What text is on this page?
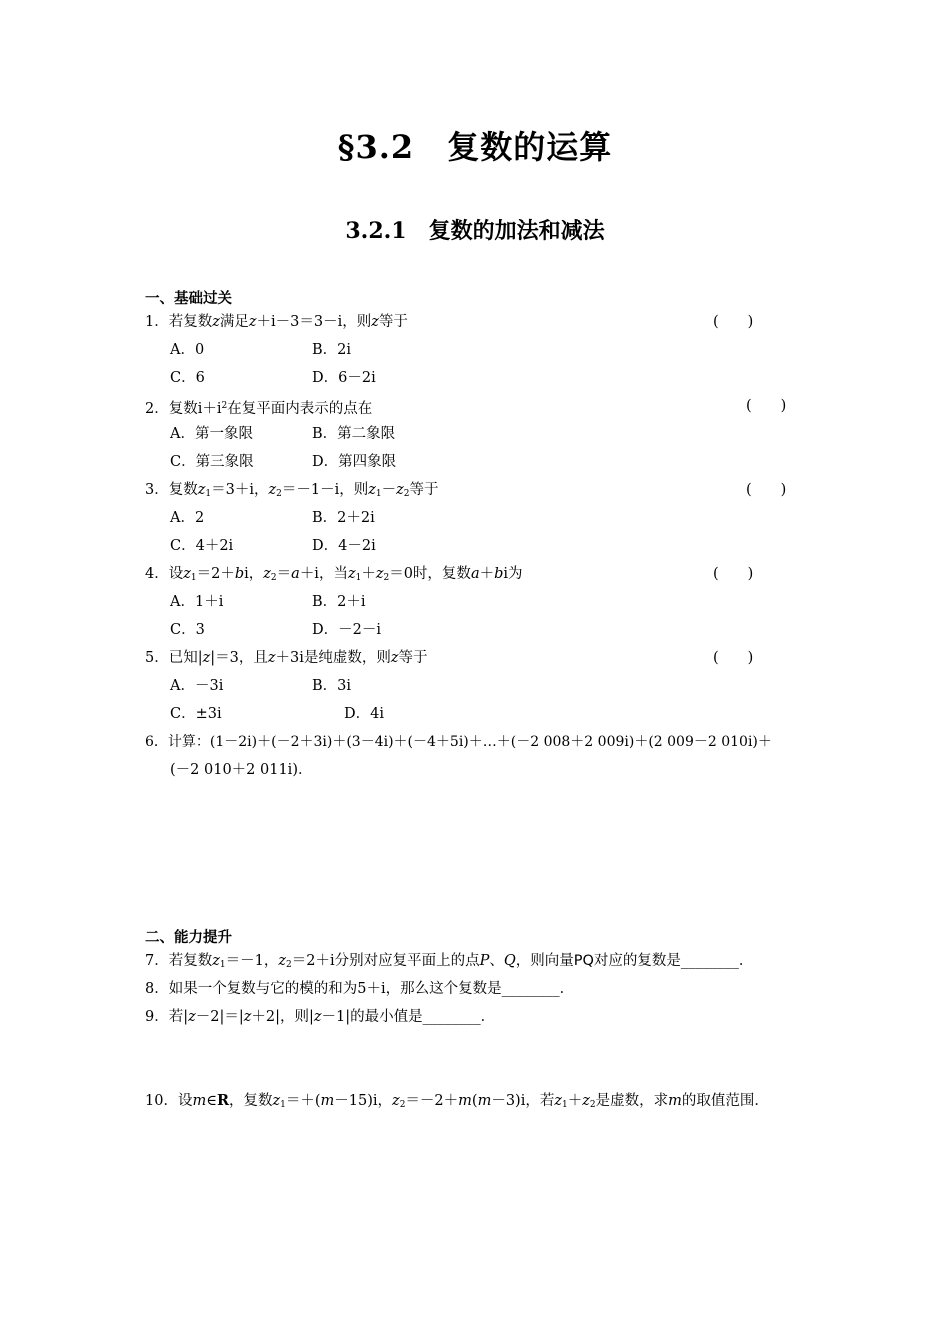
§3.2　复数的运算
3.2.1　复数的加法和减法
一、基础过关
1．若复数z满足z＋i－3＝3－i，则z等于	(　　)
A．0	B．2i
C．6	D．6－2i
2．复数$i+i^2$在复平面内表示的点在	(　　)
A．第一象限	B．第二象限
C．第三象限	D．第四象限
3．复数$z_1=3+i$，$z_2=-1-i$，则$z_1-z_2$等于	(　　)
A．2	B．2＋2i
C．4＋2i	D．4－2i
4．设$z_1=2+bi$，$z_2=a+i$，当$z_1+z_2=0$时，复数a＋bi为	(　　)
A．1＋i	B．2＋i
C．3	D．－2－i
5．已知|z|＝3，且z＋3i是纯虚数，则z等于	(　　)
A．－3i	B．3i
C．±3i	D．4i
6．计算：(1－2i)＋(－2＋3i)＋(3－4i)＋(－4＋5i)＋…＋(－2 008＋2 009i)＋(2 009－2 010i)＋
(－2 010＋2 011i)．
二、能力提升
7．若复数$z_1=-1$，$z_2=2+i$分别对应复平面上的点P、Q，则向量PQ对应的复数是________．
8．如果一个复数与它的模的和为5＋i，那么这个复数是________．
9．若|z－2|＝|z＋2|，则|z－1|的最小值是________．
10．设m∈R，复数$z_1=+(m-15)i$，$z_2=-2+m(m-3)i$，若$z_1+z_2$是虚数，求m的取值范围．
